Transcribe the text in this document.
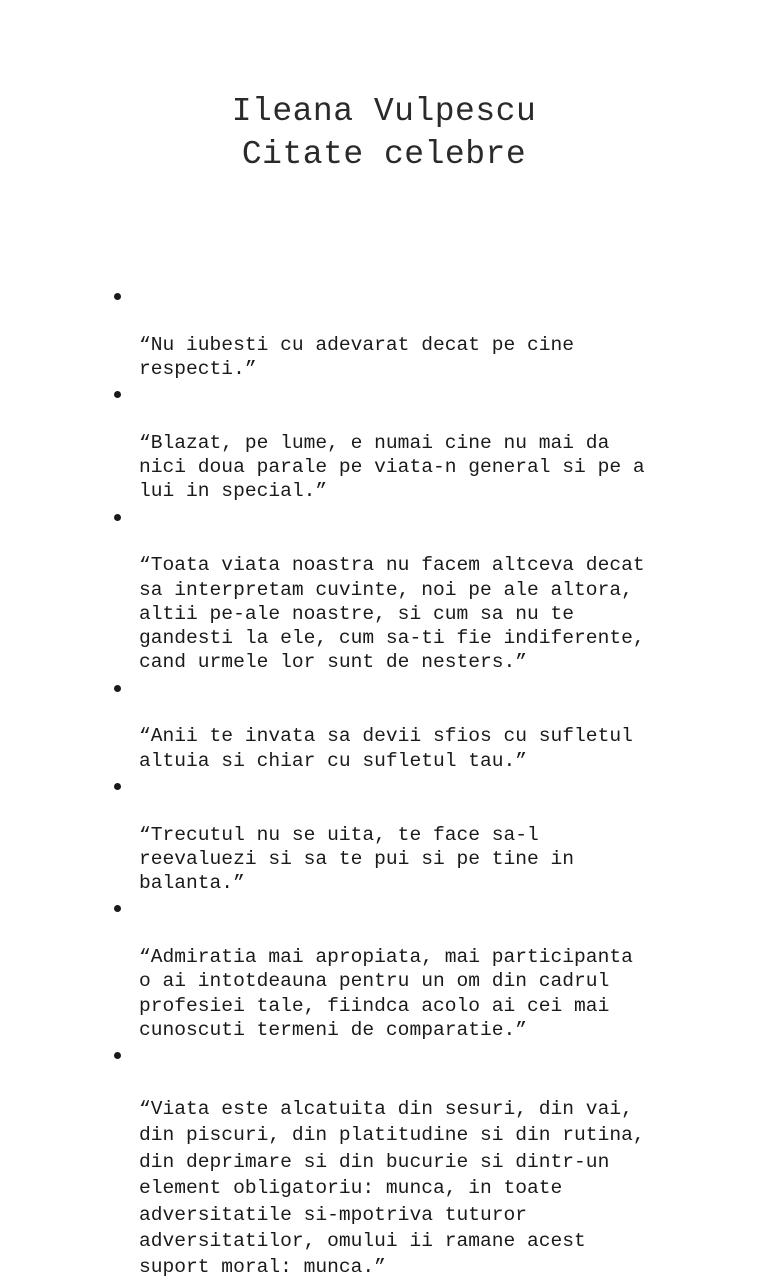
Ileana Vulpescu
Citate celebre

“Nu iubesti cu adevarat decat pe cine
respecti.”

“Blazat, pe lume, e numai cine nu mai da
nici doua parale pe viata-n general si pe a
lui in special.”

“Toata viata noastra nu facem altceva decat
sa interpretam cuvinte, noi pe ale altora,
altii pe-ale noastre, si cum sa nu te
gandesti la ele, cum sa-ti fie indiferente,
cand urmele lor sunt de nesters.”

“Anii te invata sa devii sfios cu sufletul
altuia si chiar cu sufletul tau.”

“Trecutul nu se uita, te face sa-l
reevaluezi si sa te pui si pe tine in
balanta.”

“Admiratia mai apropiata, mai participanta
o ai intotdeauna pentru un om din cadrul
profesiei tale, fiindca acolo ai cei mai
cunoscuti termeni de comparatie.”

“Viata este alcatuita din sesuri, din vai,
din piscuri, din platitudine si din rutina,
din deprimare si din bucurie si dintr-un
element obligatoriu: munca, in toate
adversitatile si-mpotriva tuturor
adversitatilor, omului ii ramane acest
suport moral: munca.”
